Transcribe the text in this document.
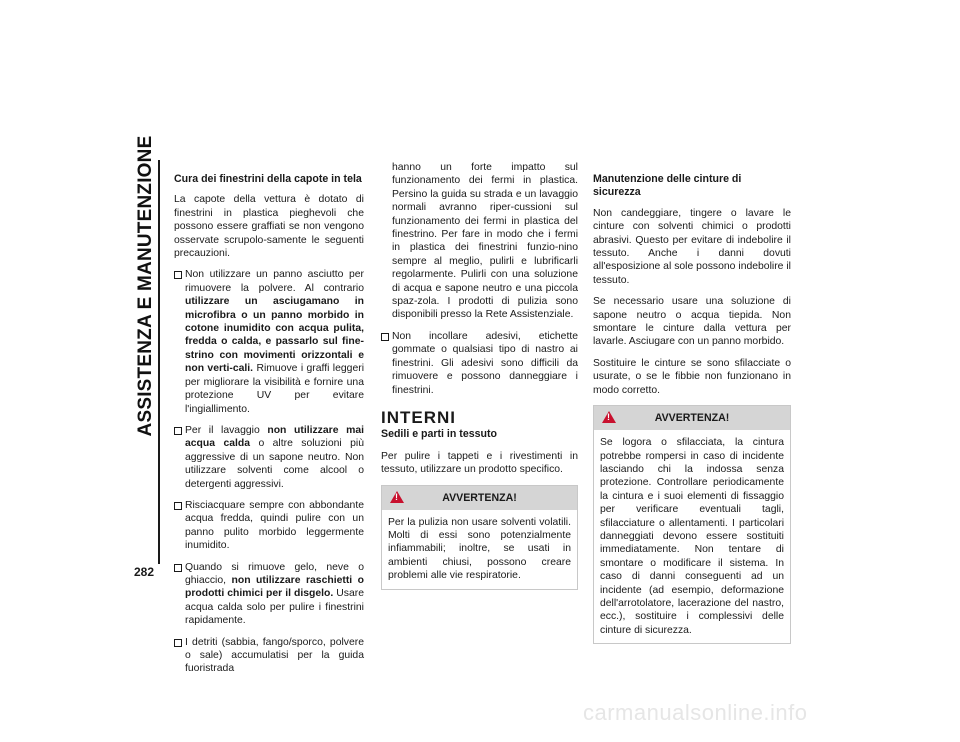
ASSISTENZA E MANUTENZIONE
282
Cura dei finestrini della capote in tela

La capote della vettura è dotato di finestrini in plastica pieghevoli che possono essere graffiati se non vengono osservate scrupolo-samente le seguenti precauzioni.

Non utilizzare un panno asciutto per rimuovere la polvere. Al contrario utilizzare un asciugamano in microfibra o un panno morbido in cotone inumidito con acqua pulita, fredda o calda, e passarlo sul fine-strino con movimenti orizzontali e non verti-cali. Rimuove i graffi leggeri per migliorare la visibilità e fornire una protezione UV per evitare l'ingiallimento.
Per il lavaggio non utilizzare mai acqua calda o altre soluzioni più aggressive di un sapone neutro. Non utilizzare solventi come alcool o detergenti aggressivi.
Risciacquare sempre con abbondante acqua fredda, quindi pulire con un panno pulito morbido leggermente inumidito.
Quando si rimuove gelo, neve o ghiaccio, non utilizzare raschietti o prodotti chimici per il disgelo. Usare acqua calda solo per pulire i finestrini rapidamente.
I detriti (sabbia, fango/sporco, polvere o sale) accumulatisi per la guida fuoristrada
hanno un forte impatto sul funzionamento dei fermi in plastica. Persino la guida su strada e un lavaggio normali avranno riper-cussioni sul funzionamento dei fermi in plastica del finestrino. Per fare in modo che i fermi in plastica dei finestrini funzio-nino sempre al meglio, pulirli e lubrificarli regolarmente. Pulirli con una soluzione di acqua e sapone neutro e una piccola spaz-zola. I prodotti di pulizia sono disponibili presso la Rete Assistenziale.
Non incollare adesivi, etichette gommate o qualsiasi tipo di nastro ai finestrini. Gli adesivi sono difficili da rimuovere e possono danneggiare i finestrini.
INTERNI
Sedili e parti in tessuto

Per pulire i tappeti e i rivestimenti in tessuto, utilizzare un prodotto specifico.

!
AVVERTENZA!
Per la pulizia non usare solventi volatili. Molti di essi sono potenzialmente infiammabili; inoltre, se usati in ambienti chiusi, possono creare problemi alle vie respiratorie.
Manutenzione delle cinture di sicurezza

Non candeggiare, tingere o lavare le cinture con solventi chimici o prodotti abrasivi. Questo per evitare di indebolire il tessuto. Anche i danni dovuti all'esposizione al sole possono indebolire il tessuto.

Se necessario usare una soluzione di sapone neutro o acqua tiepida. Non smontare le cinture dalla vettura per lavarle. Asciugare con un panno morbido.

Sostituire le cinture se sono sfilacciate o usurate, o se le fibbie non funzionano in modo corretto.

!
AVVERTENZA!
Se logora o sfilacciata, la cintura potrebbe rompersi in caso di incidente lasciando chi la indossa senza protezione. Controllare periodicamente la cintura e i suoi elementi di fissaggio per verificare eventuali tagli, sfilacciature o allentamenti. I particolari danneggiati devono essere sostituiti immediatamente. Non tentare di smontare o modificare il sistema. In caso di danni conseguenti ad un incidente (ad esempio, deformazione dell'arrotolatore, lacerazione del nastro, ecc.), sostituire i complessivi delle cinture di sicurezza.
carmanualsonline.info
